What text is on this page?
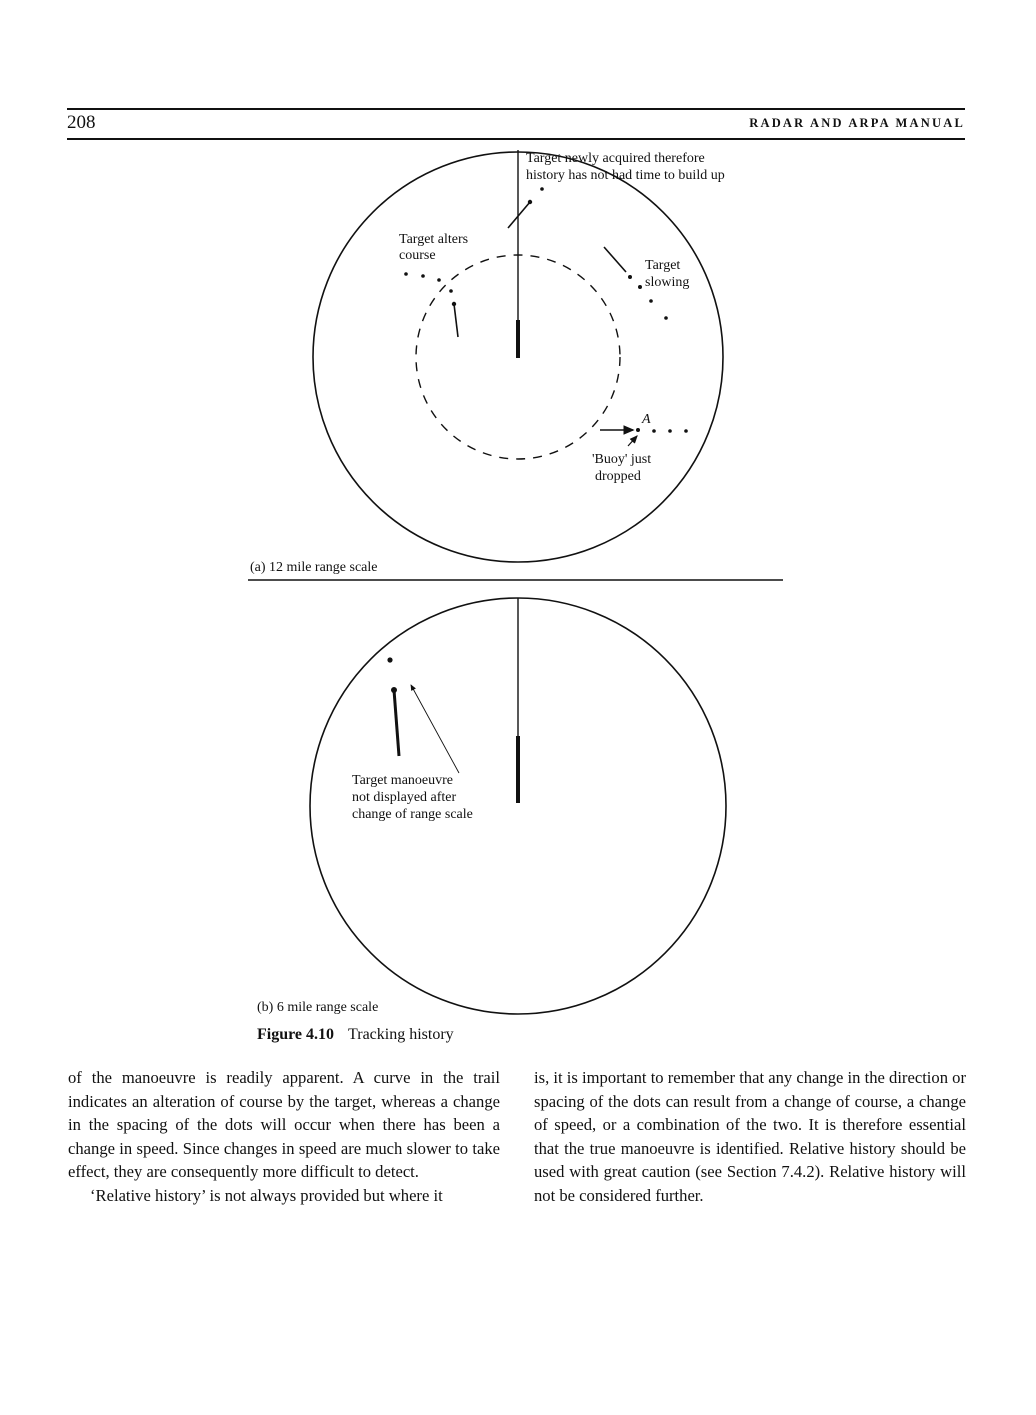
208	RADAR AND ARPA MANUAL
Target newly acquired therefore
history has not had time to build up
Target alters
course
Target
slowing
A
'Buoy' just
dropped
(a) 12 mile range scale
Target manoeuvre
not displayed after
change of range scale
(b) 6 mile range scale
Figure 4.10 Tracking history

of the manoeuvre is readily apparent. A curve in the trail indicates an alteration of course by the target, whereas a change in the spacing of the dots will occur when there has been a change in speed. Since changes in speed are much slower to take effect, they are consequently more difficult to detect.

‘Relative history’ is not always provided but where it

is, it is important to remember that any change in the direction or spacing of the dots can result from a change of course, a change of speed, or a combination of the two. It is therefore essential that the true manoeuvre is identified. Relative history should be used with great caution (see Section 7.4.2). Relative history will not be considered further.
